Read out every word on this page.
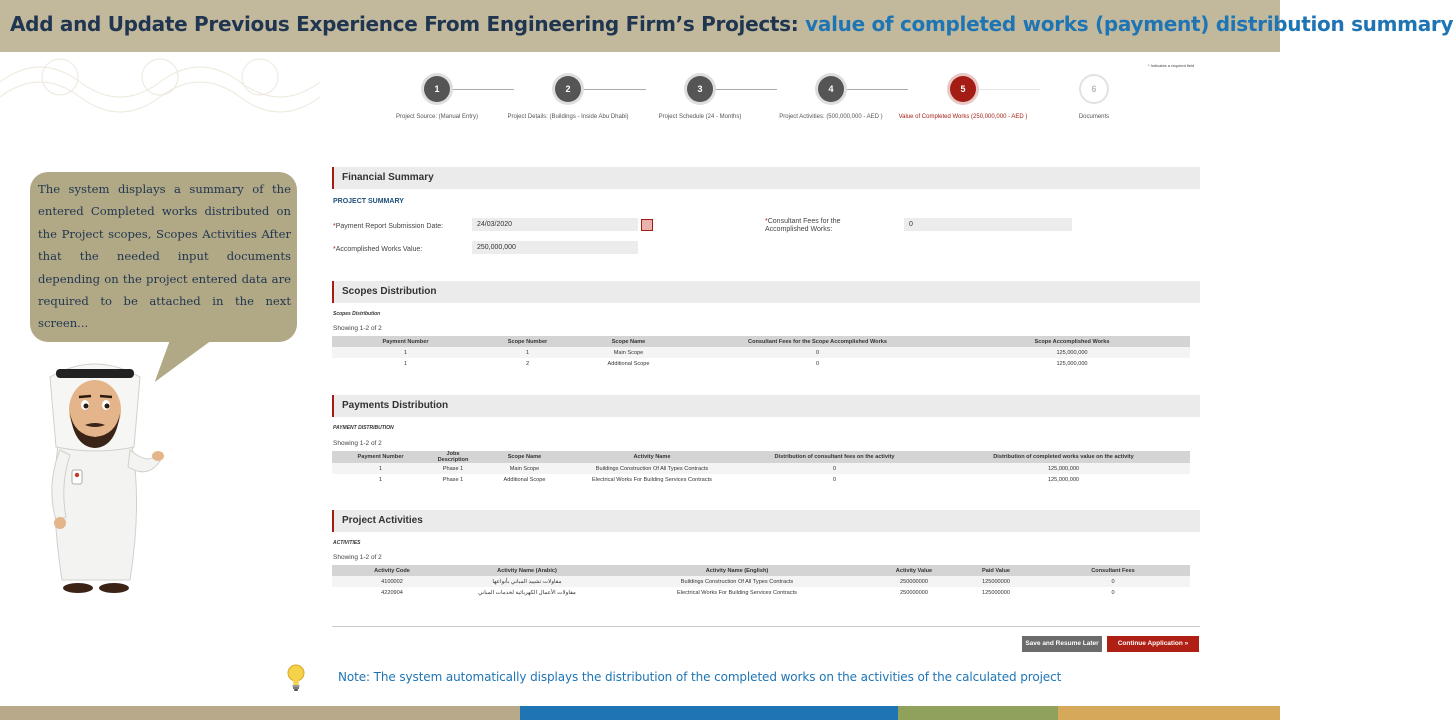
Add and Update Previous Experience From Engineering Firm’s Projects: value of completed works (payment) distribution summary
* Indicates a required field
1
Project Source: (Manual Entry)
2
Project Details: (Buildings - Inside Abu Dhabi)
3
Project Schedule (24 - Months)
4
Project Activities: (500,000,000 - AED )
5
Value of Completed Works (250,000,000 - AED )
6
Documents

The system displays a summary of the entered Completed works distributed on the Project scopes, Scopes Activities After that the needed input documents depending on the project entered data are required to be attached in the next screen...

Financial Summary
PROJECT SUMMARY
*Payment Report Submission Date:	24/03/2020
*Accomplished Works Value:	250,000,000
*Consultant Fees for the
Accomplished Works:
0
Scopes Distribution
Scopes Distribution
Showing 1-2 of 2
Payment Number	Scope Number	Scope Name	Consultant Fees for the Scope Accomplished Works	Scope Accomplished Works
1	1	Main Scope	0	125,000,000
1	2	Additional Scope	0	125,000,000
Payments Distribution
PAYMENT DISTRIBUTION
Showing 1-2 of 2
Payment Number	Jobs Description	Scope Name	Activity Name	Distribution of consultant fees on the activity	Distribution of completed works value on the activity
1	Phase 1	Main Scope	Buildings Construction Of All Types Contracts	0	125,000,000
1	Phase 1	Additional Scope	Electrical Works For Building Services Contracts	0	125,000,000
Project Activities
ACTIVITIES
Showing 1-2 of 2
Activity Code	Activity Name (Arabic)	Activity Name (English)	Activity Value	Paid Value	Consultant Fees
4100002	مقاولات تشييد المباني بأنواعها	Buildings Construction Of All Types Contracts	250000000	125000000	0
4220904	مقاولات الأعمال الكهربائية لخدمات المباني	Electrical Works For Building Services Contracts	250000000	125000000	0
Save and Resume Later	Continue Application »
Note: The system automatically displays the distribution of the completed works on the activities of the calculated project
